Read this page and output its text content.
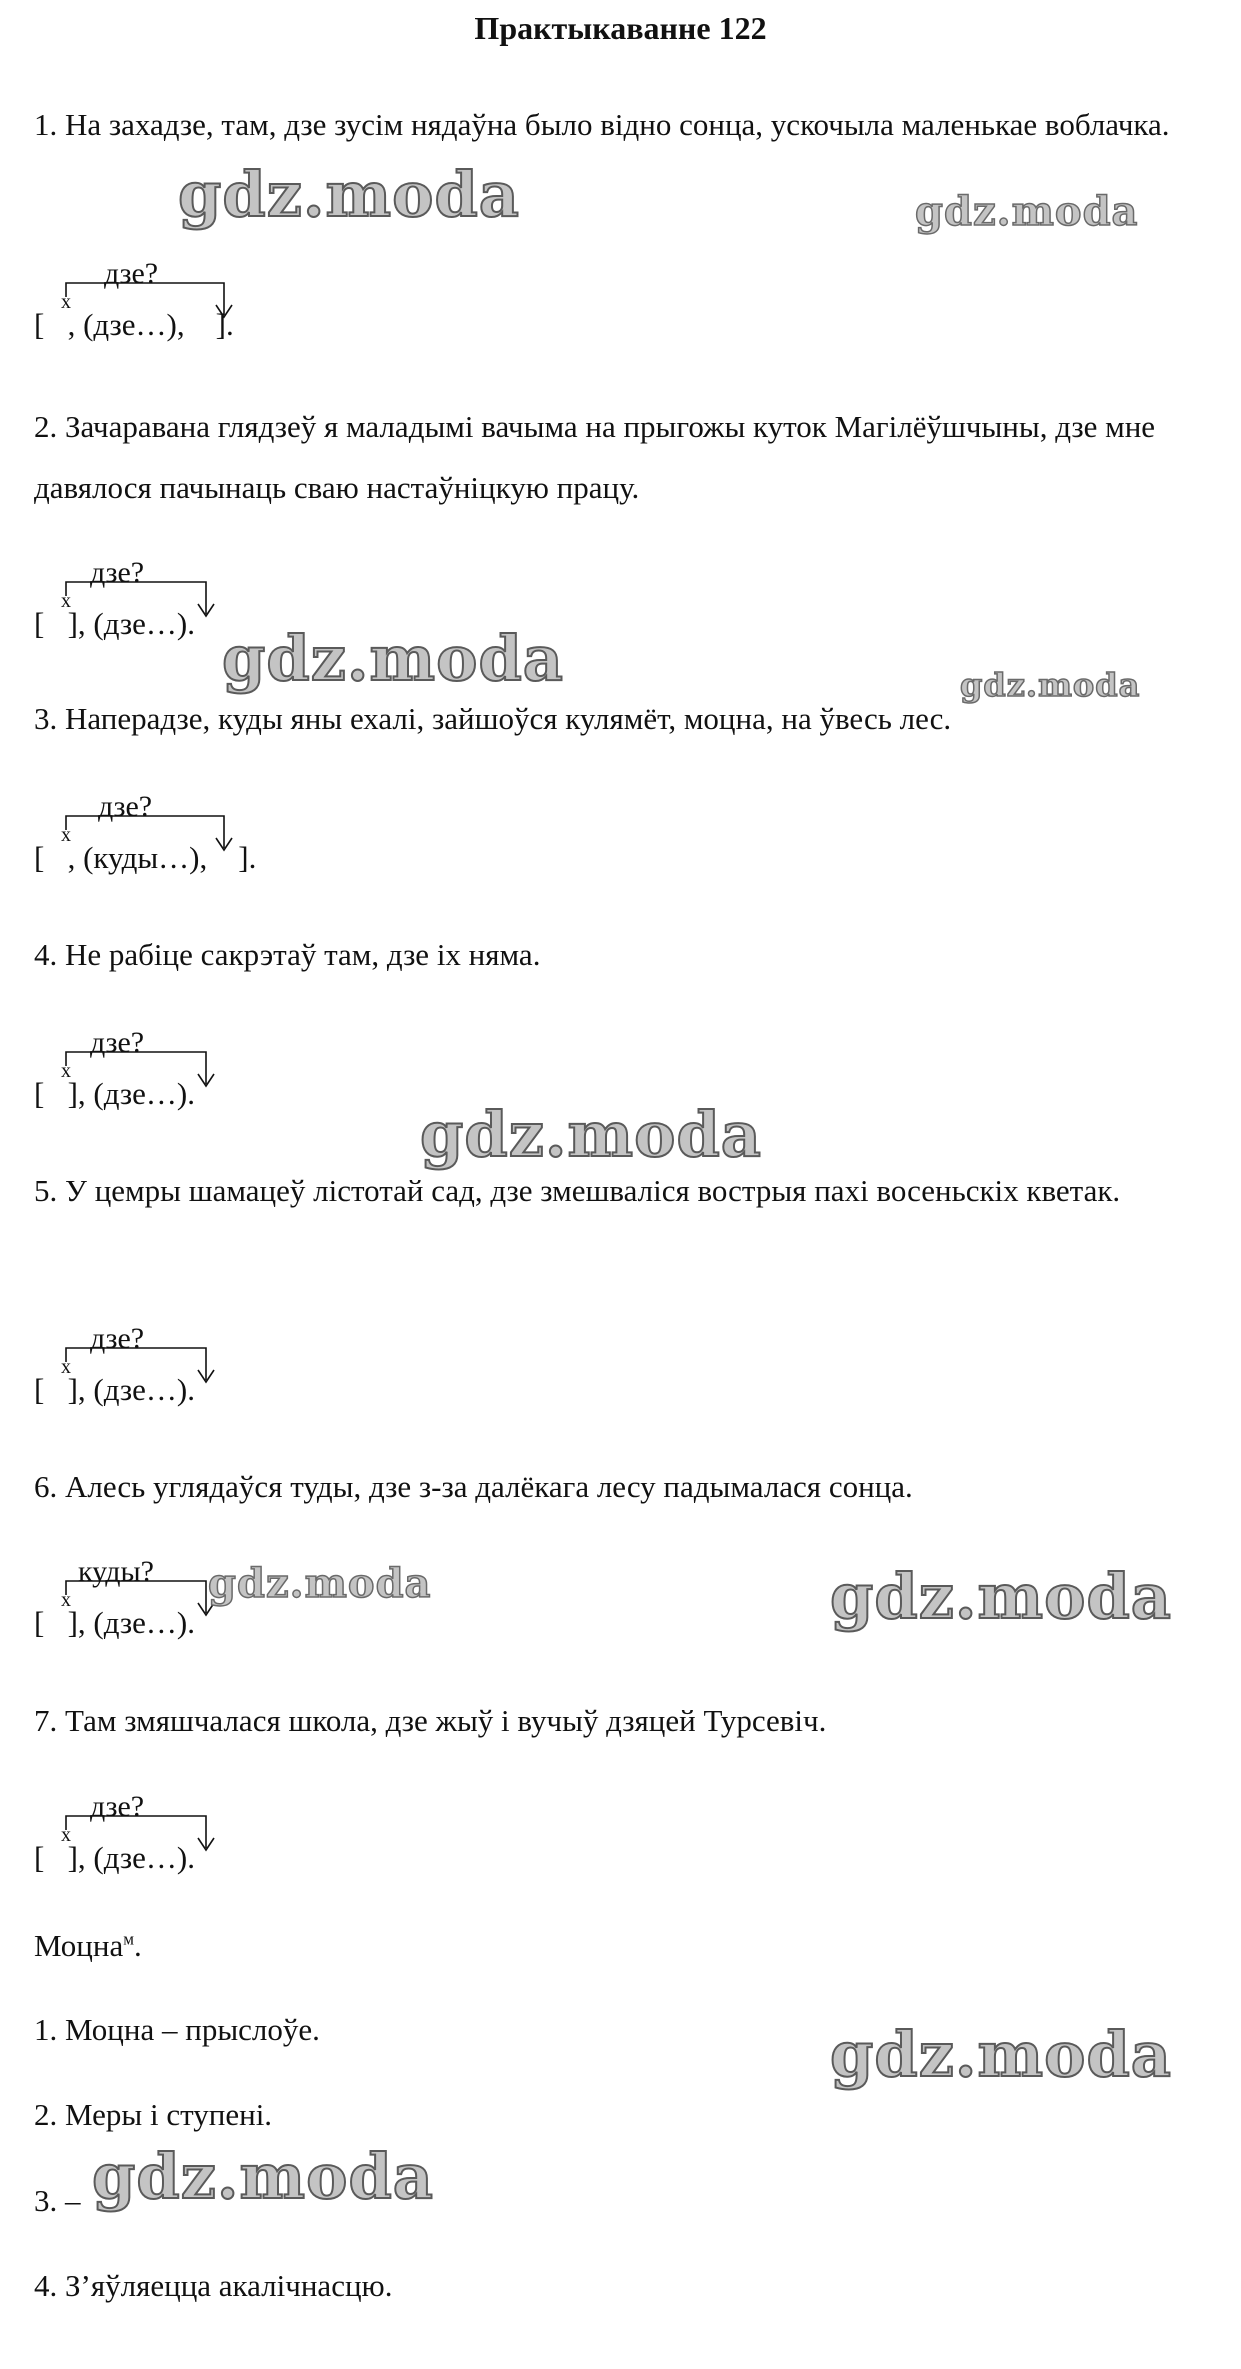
Практыкаванне 122
1. На захадзе, там, дзе зусім нядаўна было відно сонца, ускочыла маленькае воблачка.
дзе?
x
[   , (дзе…),    ].
2. Зачаравана глядзеў я маладымі вачыма на прыгожы куток Магілёўшчыны, дзе мне давялося пачынаць сваю настаўніцкую працу.
дзе?
x
[   ], (дзе…).
3. Наперадзе, куды яны ехалі, зайшоўся кулямёт, моцна, на ўвесь лес.
дзе?
x
[   , (куды…),    ].
4. Не рабіце сакрэтаў там, дзе іх няма.
дзе?
x
[   ], (дзе…).
5. У цемры шамацеў лістотай сад, дзе змешваліся вострыя пахі восеньскіх кветак.
дзе?
x
[   ], (дзе…).
6. Алесь углядаўся туды, дзе з-за далёкага лесу падымалася сонца.
куды?
x
[   ], (дзе…).
7. Там змяшчалася школа, дзе жыў і вучыў дзяцей Турсевіч.
дзе?
x
[   ], (дзе…).
Моцна$^м$.
1. Моцна – прыслоўе.
2. Меры і ступені.
3. –
4. З’яўляецца акалічнасцю.
gdz.moda	gdz.moda
gdz.moda	gdz.moda
gdz.moda
gdz.moda	gdz.moda
gdz.moda
gdz.moda
